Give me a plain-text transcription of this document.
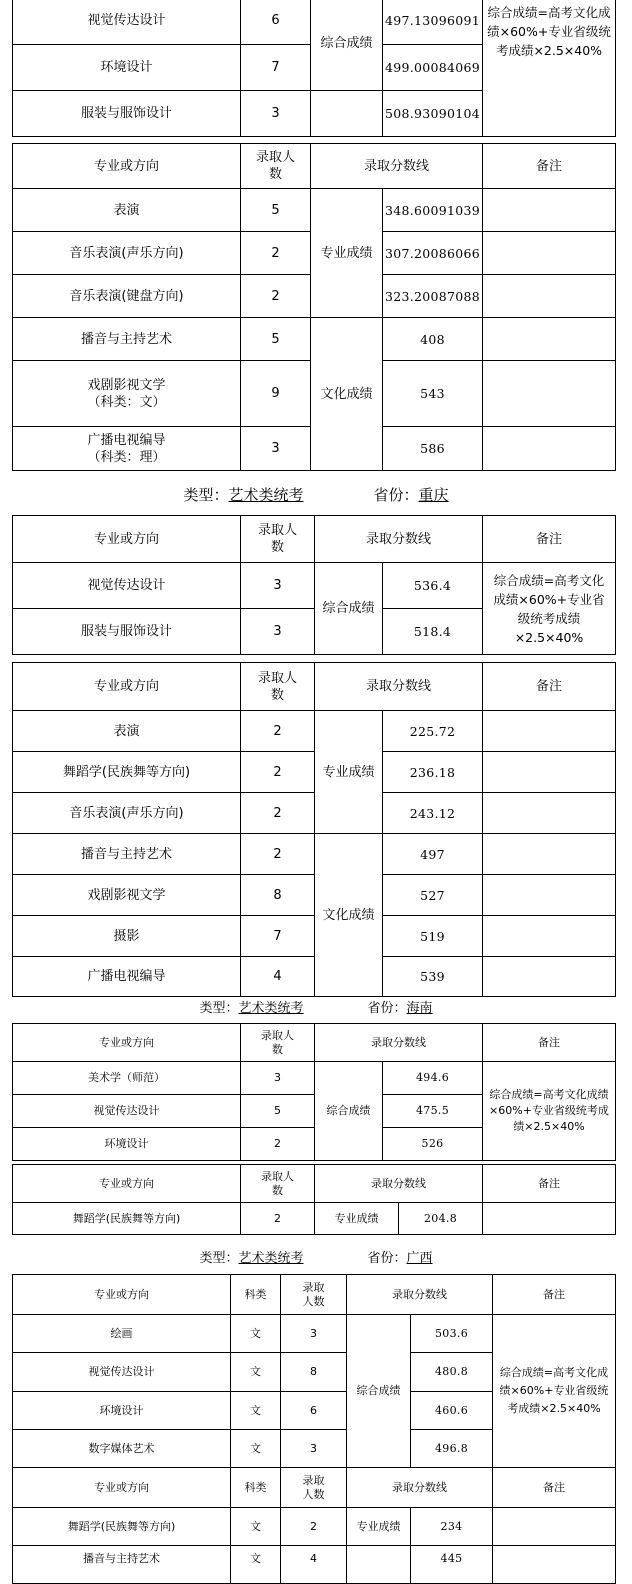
视觉传达设计	6	综合成绩	497.13096091	综合成绩=高考文化成绩×60%+专业省级统考成绩×2.5×40%
环境设计	7		499.00084069	
服装与服饰设计	3		508.93090104	
专业或方向	录取人数	录取分数线		备注
表演	5	专业成绩	348.60091039	
音乐表演(声乐方向)	2		307.20086066	
音乐表演(键盘方向)	2		323.20087088	
播音与主持艺术	5	文化成绩	408	

戏剧影视文学
（科类：文）	9		543	

广播电视编导
（科类：理）	3		586	
类型：艺术类统考	省份：重庆
专业或方向	录取人数	录取分数线		备注
视觉传达设计	3	综合成绩	536.4	综合成绩=高考文化成绩×60%+专业省级统考成绩×2.5×40%
服装与服饰设计	3		518.4	
专业或方向	录取人数	录取分数线		备注
表演	2	专业成绩	225.72	
舞蹈学(民族舞等方向)	2		236.18	
音乐表演(声乐方向)	2		243.12	
播音与主持艺术	2	文化成绩	497	
戏剧影视文学	8		527	
摄影	7		519	
广播电视编导	4		539	
类型：艺术类统考	省份：海南
专业或方向	录取人数	录取分数线		备注
美术学（师范）	3	综合成绩	494.6	综合成绩=高考文化成绩×60%+专业省级统考成绩×2.5×40%
视觉传达设计	5		475.5	
环境设计	2		526	
专业或方向	录取人数	录取分数线		备注
舞蹈学(民族舞等方向)	2	专业成绩	204.8	
类型：艺术类统考	省份：广西
专业或方向	科类	录取人数	录取分数线		备注
绘画	文	3	综合成绩	503.6	综合成绩=高考文化成绩×60%+专业省级统考成绩×2.5×40%
视觉传达设计	文	8		480.8	
环境设计	文	6		460.6	
数字媒体艺术	文	3		496.8	
专业或方向	科类	录取人数	录取分数线		备注
舞蹈学(民族舞等方向)	文	2	专业成绩	234	
播音与主持艺术	文	4		445	
